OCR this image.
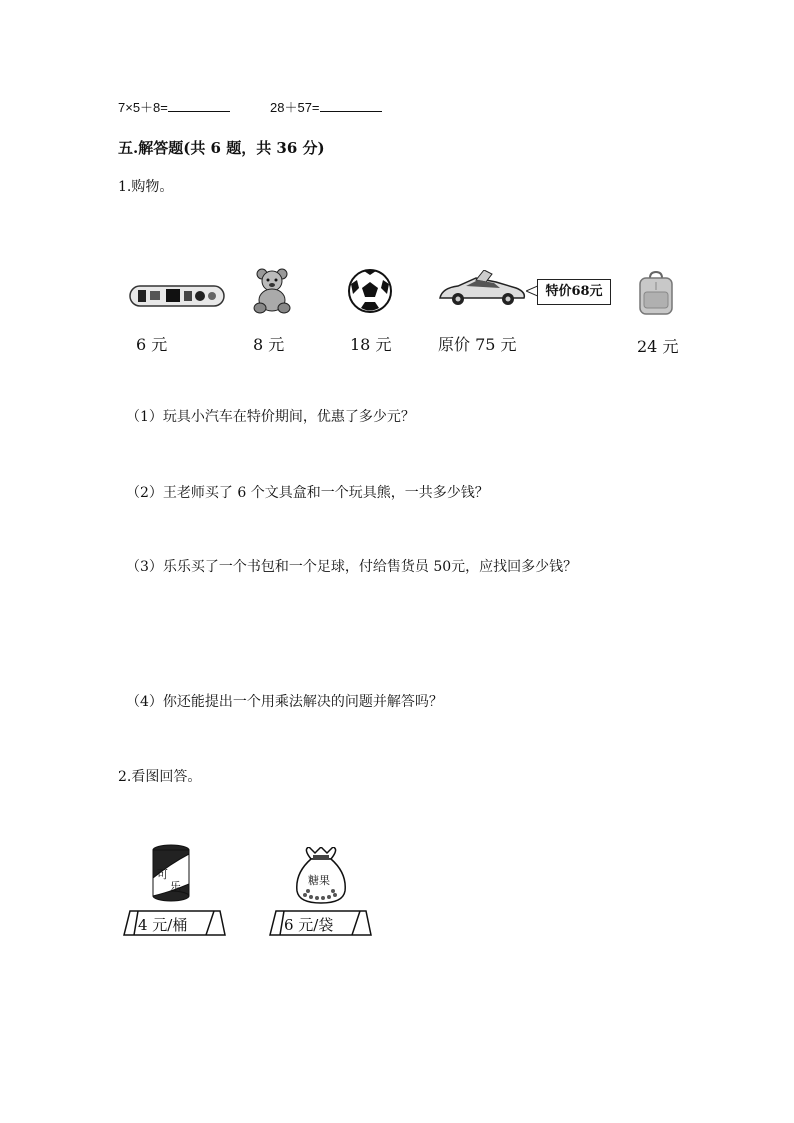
7×5＋8=	28＋57=
五.解答题(共 6 题，共 36 分)
1.购物。
特价68元
6 元	8 元	18 元	原价 75 元	24 元
（1）玩具小汽车在特价期间，优惠了多少元？
（2）王老师买了 6 个文具盒和一个玩具熊，一共多少钱？
（3）乐乐买了一个书包和一个足球，付给售货员 50元，应找回多少钱？
（4）你还能提出一个用乘法解决的问题并解答吗？
2.看图回答。
可
乐	糖果
4 元/桶	6 元/袋
